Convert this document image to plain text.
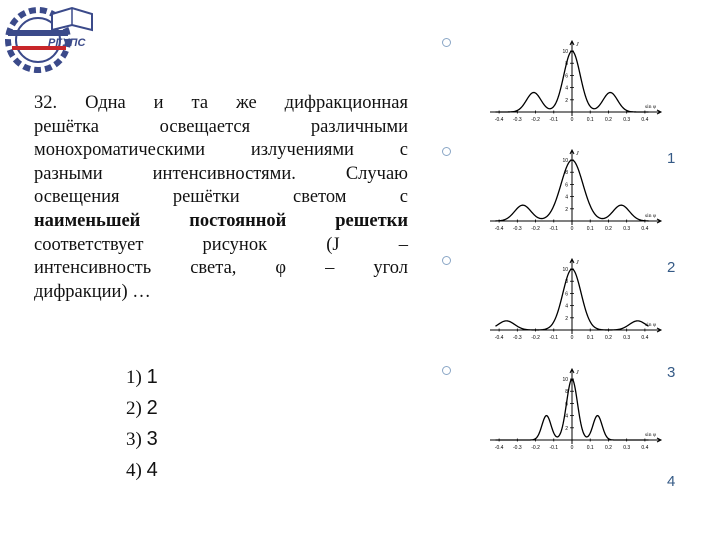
РГУПС
32. Одна и та же дифракционная
решётка освещается различными
монохроматическими излучениями с
разными интенсивностями. Случаю
освещения решётки светом с
наименьшей постоянной решетки
соответствует рисунок (J –
интенсивность света, φ – угол
дифракции) …
1) 1
2) 2
3) 3
4) 4
10
8
6
4
2
J
-0.4 -0.3 -0.2 -0.1	0	0.1 0.2 0.3 0.4
sin φ
10
8
6
4
2
J
-0.4 -0.3 -0.2 -0.1	0	0.1 0.2 0.3 0.4
sin φ
10
8
6
4
2
J
-0.4 -0.3 -0.2 -0.1	0	0.1 0.2 0.3 0.4
sin φ
10
8
6
4
2
J
-0.4 -0.3 -0.2 -0.1	0	0.1 0.2 0.3 0.4
sin φ
1
2
3
4
